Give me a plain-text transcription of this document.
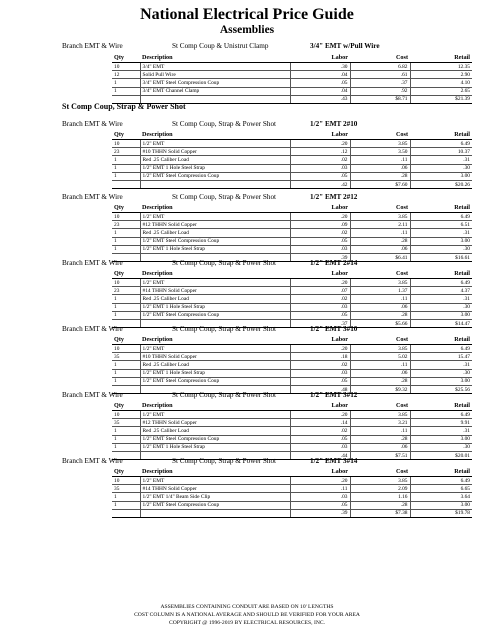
National Electrical Price Guide
Assemblies
St Comp Coup, Strap & Power Shot
Branch EMT & Wire	St Comp Coup & Unistrut Clamp	3/4" EMT w/Pull Wire
Qty	Description	Labor	Cost	Retail
10	3/4" EMT	.30	6.82	12.35
12	Solid Pull Wire	.04	.61	2.90
1	3/4" EMT Steel Compression Coup	.05	.37	4.10
1	3/4" EMT Channel Clamp	.04	.92	2.65
		.43	$8.71	$21.39
Branch EMT & Wire	St Comp Coup, Strap & Power Shot	1/2" EMT 2#10
Qty	Description	Labor	Cost	Retail
10	1/2" EMT	.20	3.85	6.49
23	#10 THHN Solid Copper	.12	3.50	10.37
1	Red .25 Caliber Load	.02	.11	.31
1	1/2" EMT 1 Hole Steel Strap	.03	.06	.30
1	1/2" EMT Steel Compression Coup	.05	.28	3.00
		.42	$7.60	$20.26
Branch EMT & Wire	St Comp Coup, Strap & Power Shot	1/2" EMT 2#12
Qty	Description	Labor	Cost	Retail
10	1/2" EMT	.20	3.85	6.49
23	#12 THHN Solid Copper	.09	2.11	6.51
1	Red .25 Caliber Load	.02	.11	.31
1	1/2" EMT Steel Compression Coup	.05	.28	3.00
1	1/2" EMT 1 Hole Steel Strap	.03	.06	.30
		.39	$6.41	$16.61
Branch EMT & Wire	St Comp Coup, Strap & Power Shot	1/2" EMT 2#14
Qty	Description	Labor	Cost	Retail
10	1/2" EMT	.20	3.85	6.49
23	#14 THHN Solid Copper	.07	1.37	4.37
1	Red .25 Caliber Load	.02	.11	.31
1	1/2" EMT 1 Hole Steel Strap	.03	.06	.30
1	1/2" EMT Steel Compression Coup	.05	.28	3.00
		.37	$5.66	$14.47
Branch EMT & Wire	St Comp Coup, Strap & Power Shot	1/2" EMT 3#10
Qty	Description	Labor	Cost	Retail
10	1/2" EMT	.20	3.85	6.49
35	#10 THHN Solid Copper	.18	5.02	15.47
1	Red .25 Caliber Load	.02	.11	.31
1	1/2" EMT 1 Hole Steel Strap	.03	.06	.30
1	1/2" EMT Steel Compression Coup	.05	.28	3.00
		.48	$9.32	$25.56
Branch EMT & Wire	St Comp Coup, Strap & Power Shot	1/2" EMT 3#12
Qty	Description	Labor	Cost	Retail
10	1/2" EMT	.20	3.85	6.49
35	#12 THHN Solid Copper	.14	3.21	9.91
1	Red .25 Caliber Load	.02	.11	.31
1	1/2" EMT Steel Compression Coup	.05	.28	3.00
1	1/2" EMT 1 Hole Steel Strap	.03	.06	.30
		.44	$7.51	$20.01
Branch EMT & Wire	St Comp Coup, Strap & Power Shot	1/2" EMT 3#14
Qty	Description	Labor	Cost	Retail
10	1/2" EMT	.20	3.85	6.49
35	#14 THHN Solid Copper	.11	2.09	6.65
1	1/2" EMT 1/4" Beam Side Clip	.03	1.16	3.64
1	1/2" EMT Steel Compression Coup	.05	.28	3.00
		.39	$7.38	$19.78
ASSEMBLIES CONTAINING CONDUIT ARE BASED ON 10' LENGTHS
COST COLUMN IS A NATIONAL AVERAGE AND SHOULD BE VERIFIED FOR YOUR AREA
COPYRIGHT @ 1996-2019 BY ELECTRICAL RESOURCES, INC.
